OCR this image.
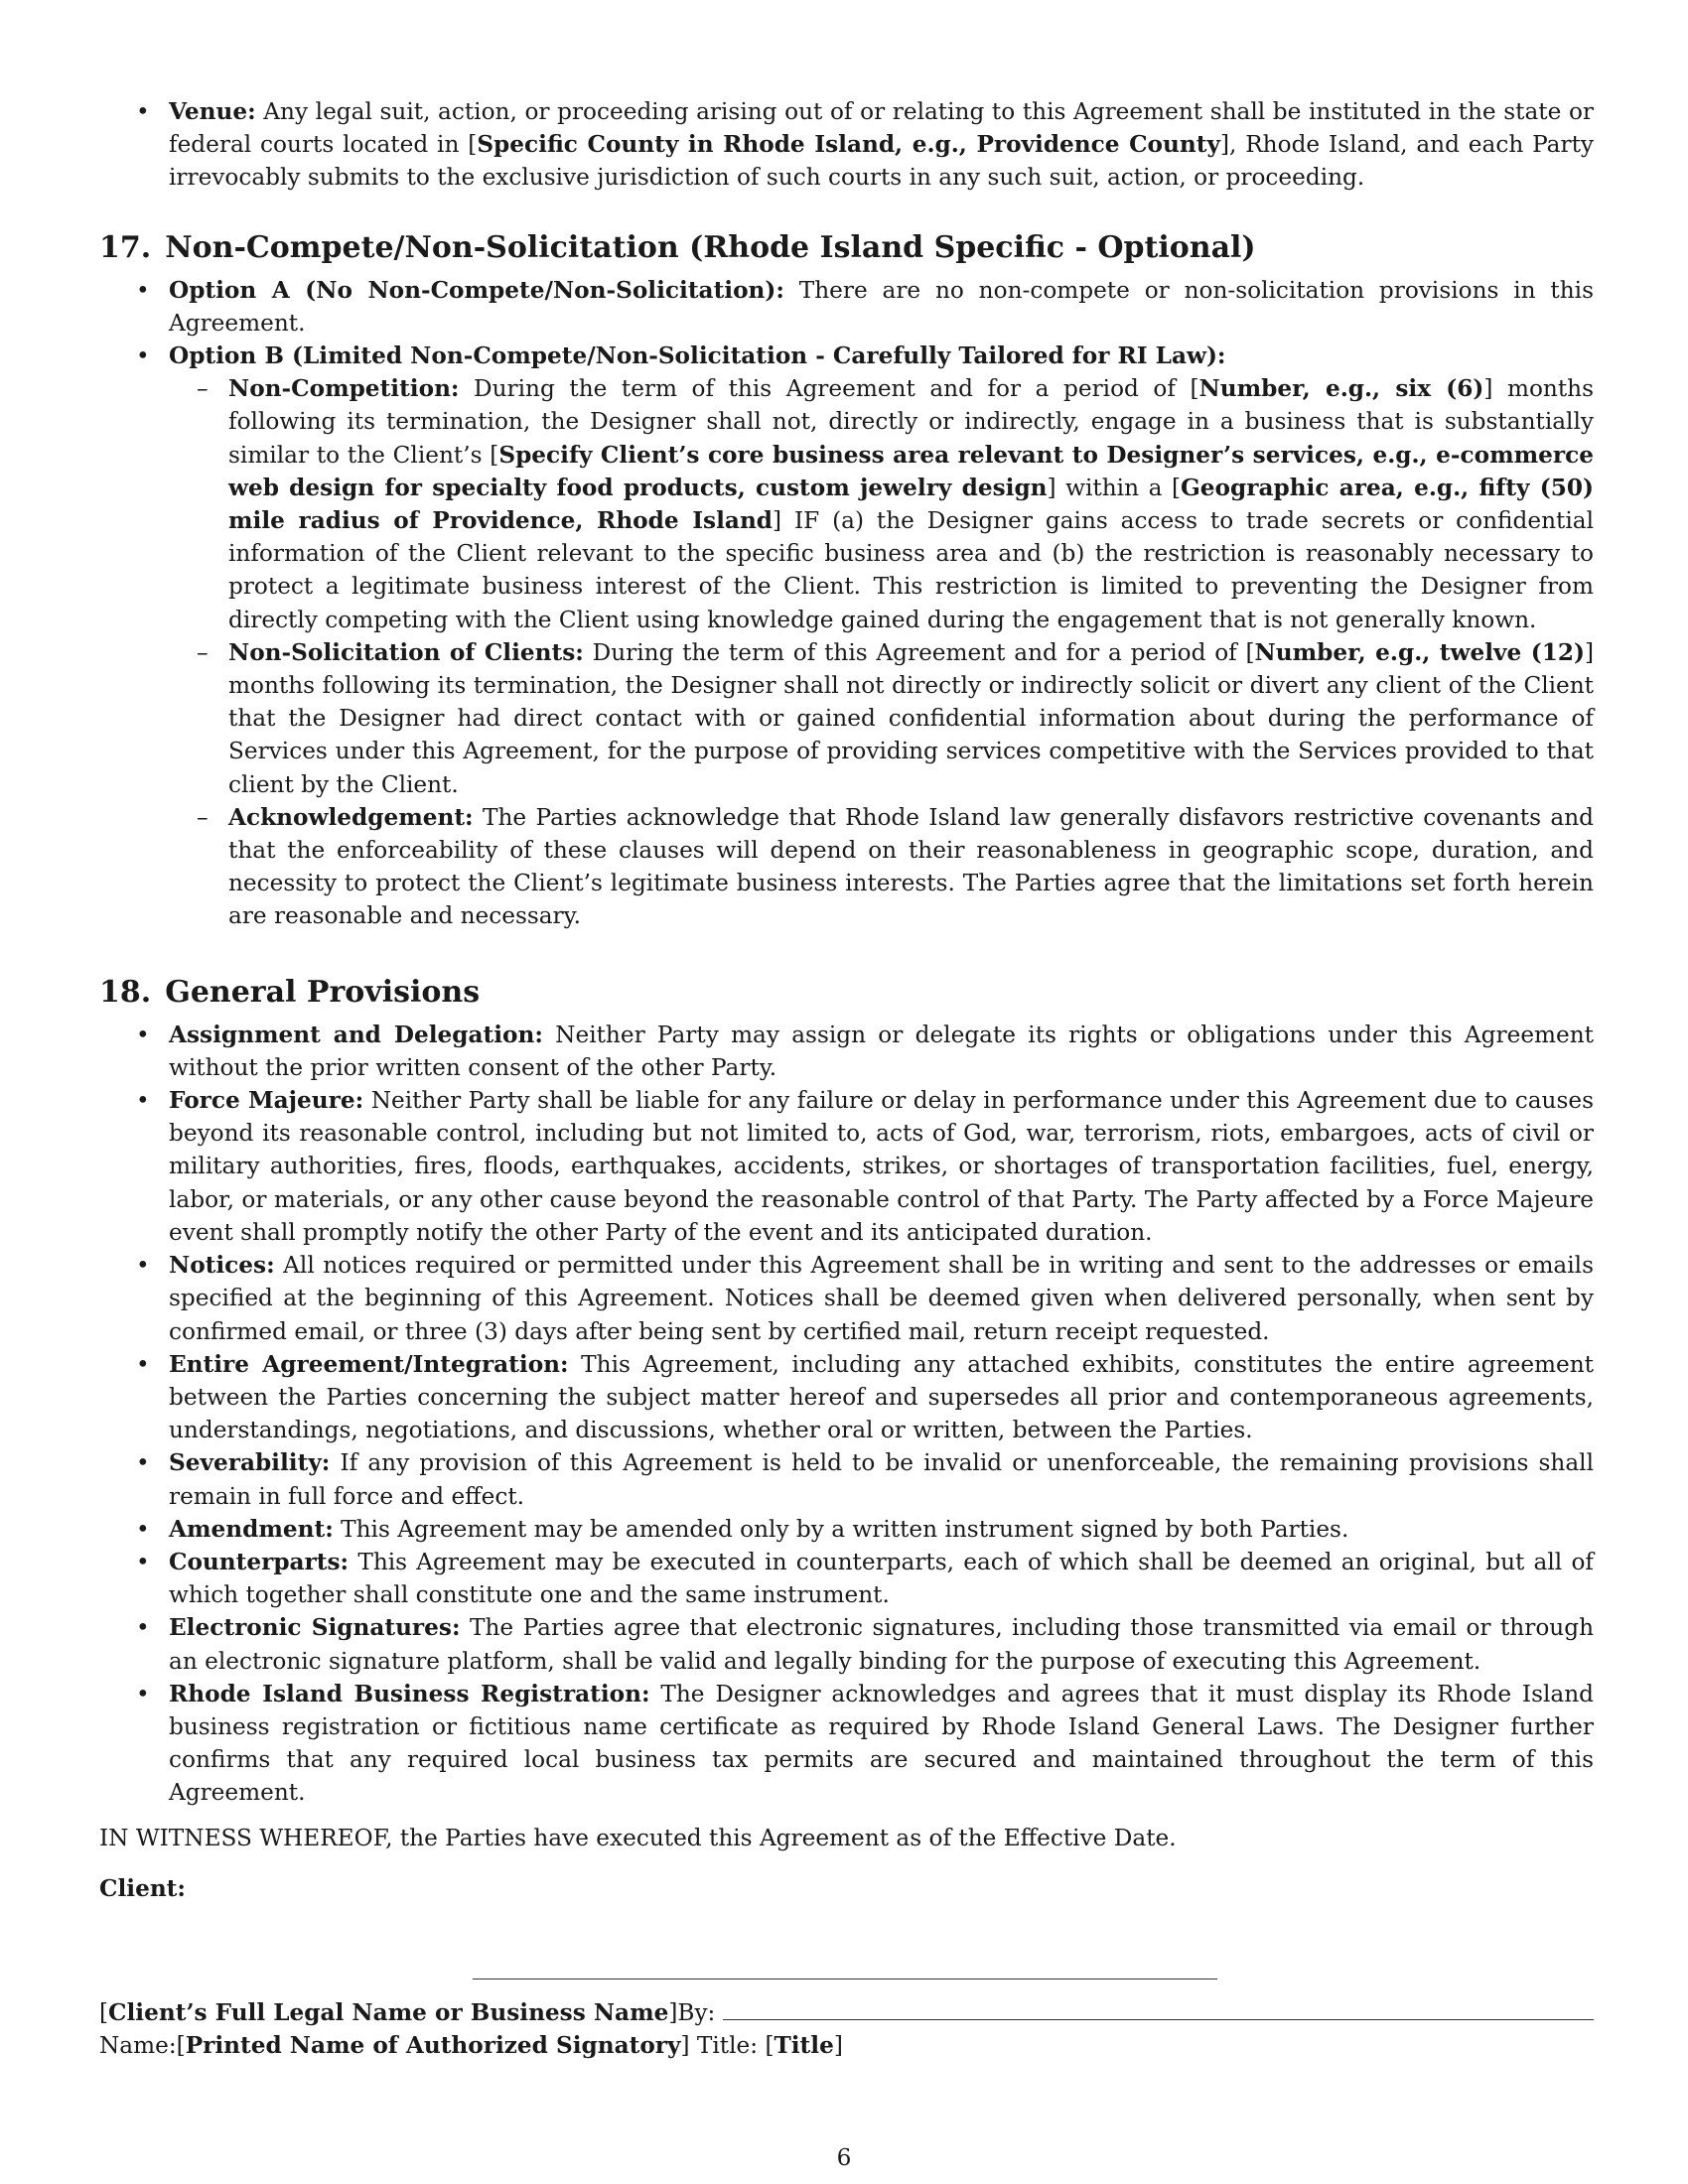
• Venue: Any legal suit, action, or proceeding arising out of or relating to this Agreement shall be instituted in the state or federal courts located in [Specific County in Rhode Island, e.g., Providence County], Rhode Island, and each Party irrevocably submits to the exclusive jurisdiction of such courts in any such suit, action, or proceeding.
17. Non-Compete/Non-Solicitation (Rhode Island Specific - Optional)
• Option A (No Non-Compete/Non-Solicitation): There are no non-compete or non-solicitation provisions in this Agreement.
• Option B (Limited Non-Compete/Non-Solicitation - Carefully Tailored for RI Law):
– Non-Competition: During the term of this Agreement and for a period of [Number, e.g., six (6)] months following its termination, the Designer shall not, directly or indirectly, engage in a business that is substantially similar to the Client’s [Specify Client’s core business area relevant to Designer’s services, e.g., e-commerce web design for specialty food products, custom jewelry design] within a [Geographic area, e.g., fifty (50) mile radius of Providence, Rhode Island] IF (a) the Designer gains access to trade secrets or confidential information of the Client relevant to the specific business area and (b) the restriction is reasonably necessary to protect a legitimate business interest of the Client. This restriction is limited to preventing the Designer from directly competing with the Client using knowledge gained during the engagement that is not generally known.
– Non-Solicitation of Clients: During the term of this Agreement and for a period of [Number, e.g., twelve (12)] months following its termination, the Designer shall not directly or indirectly solicit or divert any client of the Client that the Designer had direct contact with or gained confidential information about during the performance of Services under this Agreement, for the purpose of providing services competitive with the Services provided to that client by the Client.
– Acknowledgement: The Parties acknowledge that Rhode Island law generally disfavors restrictive covenants and that the enforceability of these clauses will depend on their reasonableness in geographic scope, duration, and necessity to protect the Client’s legitimate business interests. The Parties agree that the limitations set forth herein are reasonable and necessary.
18. General Provisions
• Assignment and Delegation: Neither Party may assign or delegate its rights or obligations under this Agreement without the prior written consent of the other Party.
• Force Majeure: Neither Party shall be liable for any failure or delay in performance under this Agreement due to causes beyond its reasonable control, including but not limited to, acts of God, war, terrorism, riots, embargoes, acts of civil or military authorities, fires, floods, earthquakes, accidents, strikes, or shortages of transportation facilities, fuel, energy, labor, or materials, or any other cause beyond the reasonable control of that Party. The Party affected by a Force Majeure event shall promptly notify the other Party of the event and its anticipated duration.
• Notices: All notices required or permitted under this Agreement shall be in writing and sent to the addresses or emails specified at the beginning of this Agreement. Notices shall be deemed given when delivered personally, when sent by confirmed email, or three (3) days after being sent by certified mail, return receipt requested.
• Entire Agreement/Integration: This Agreement, including any attached exhibits, constitutes the entire agreement between the Parties concerning the subject matter hereof and supersedes all prior and contemporaneous agreements, understandings, negotiations, and discussions, whether oral or written, between the Parties.
• Severability: If any provision of this Agreement is held to be invalid or unenforceable, the remaining provisions shall remain in full force and effect.
• Amendment: This Agreement may be amended only by a written instrument signed by both Parties.
• Counterparts: This Agreement may be executed in counterparts, each of which shall be deemed an original, but all of which together shall constitute one and the same instrument.
• Electronic Signatures: The Parties agree that electronic signatures, including those transmitted via email or through an electronic signature platform, shall be valid and legally binding for the purpose of executing this Agreement.
• Rhode Island Business Registration: The Designer acknowledges and agrees that it must display its Rhode Island business registration or fictitious name certificate as required by Rhode Island General Laws. The Designer further confirms that any required local business tax permits are secured and maintained throughout the term of this Agreement.
IN WITNESS WHEREOF, the Parties have executed this Agreement as of the Effective Date.
Client:
[ Client’s Full Legal Name or Business Name ] By:
Name: [ Printed Name of Authorized Signatory ] Title: [ Title ]
6
